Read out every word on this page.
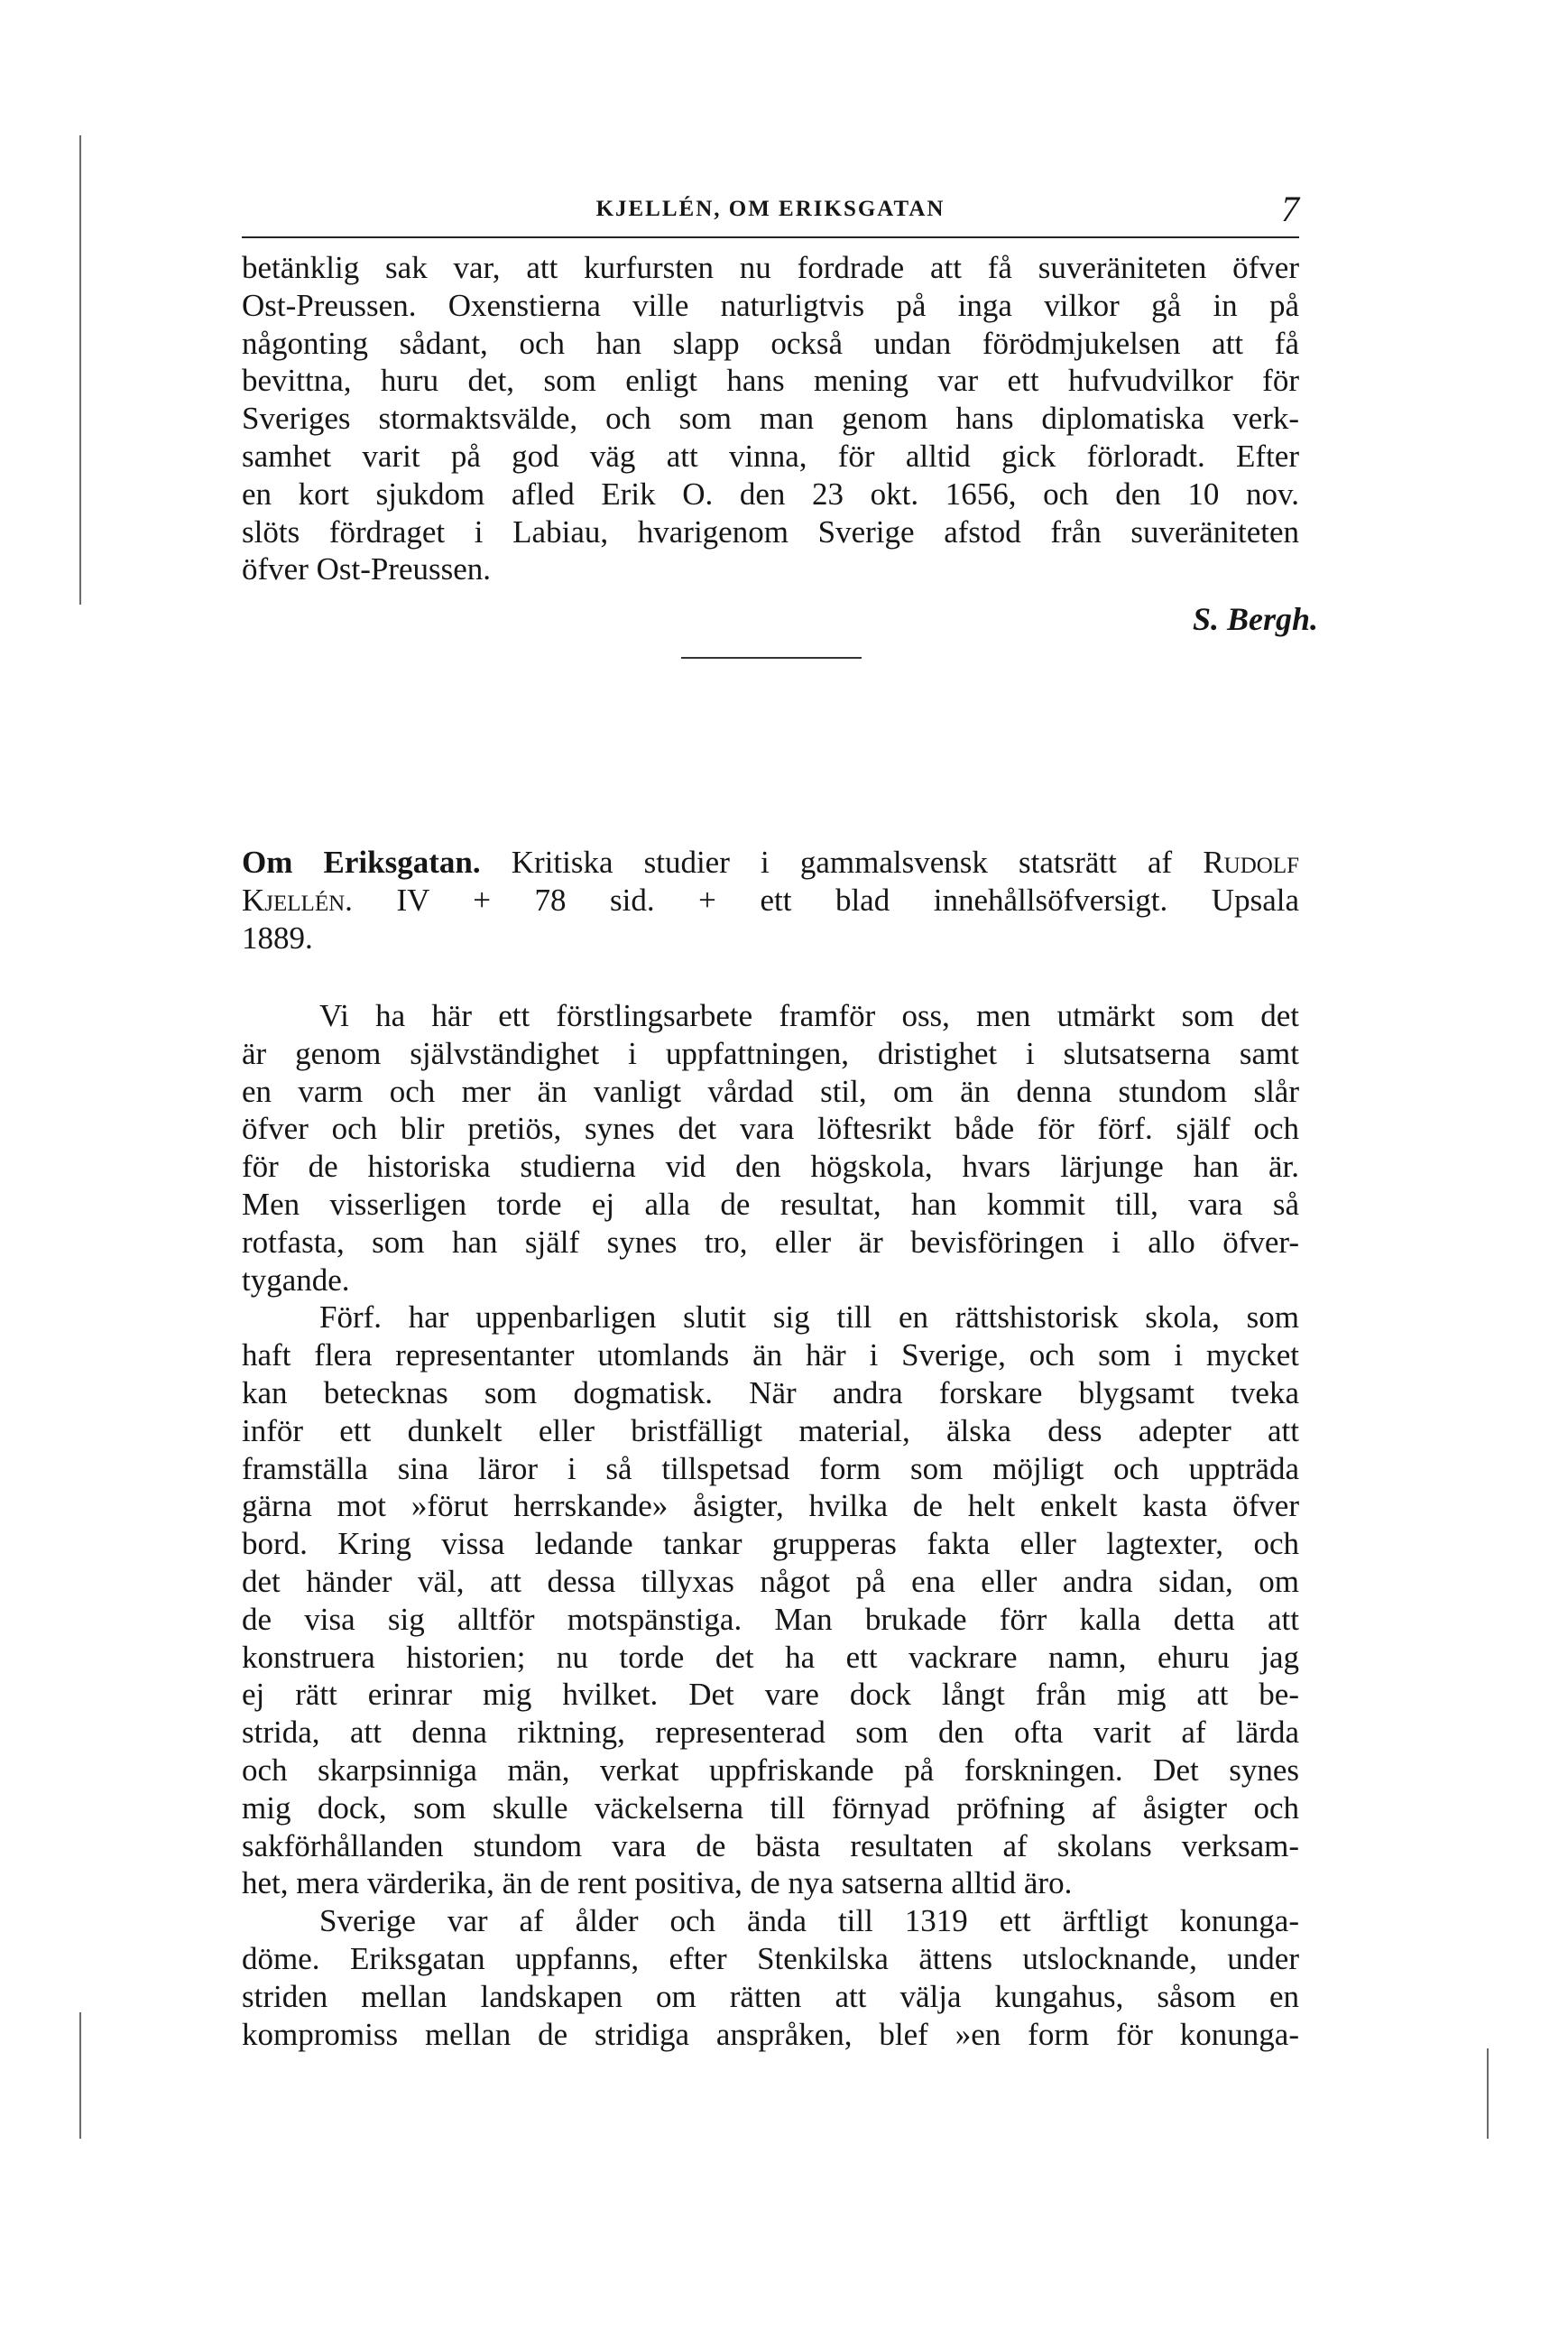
KJELLÉN, OM ERIKSGATAN	7
betänklig sak var, att kurfursten nu fordrade att få suveräniteten öfver
Ost-Preussen. Oxenstierna ville naturligtvis på inga vilkor gå in på
någonting sådant, och han slapp också undan förödmjukelsen att få
bevittna, huru det, som enligt hans mening var ett hufvudvilkor för
Sveriges stormaktsvälde, och som man genom hans diplomatiska verk-
samhet varit på god väg att vinna, för alltid gick förloradt. Efter
en kort sjukdom afled Erik O. den 23 okt. 1656, och den 10 nov.
slöts fördraget i Labiau, hvarigenom Sverige afstod från suveräniteten
öfver Ost-Preussen.
S. Bergh.
Om Eriksgatan. Kritiska studier i gammalsvensk statsrätt af Rudolf
Kjellén. IV + 78 sid. + ett blad innehållsöfversigt. Upsala
1889.
Vi ha här ett förstlingsarbete framför oss, men utmärkt som det
är genom självständighet i uppfattningen, dristighet i slutsatserna samt
en varm och mer än vanligt vårdad stil, om än denna stundom slår
öfver och blir pretiös, synes det vara löftesrikt både för förf. själf och
för de historiska studierna vid den högskola, hvars lärjunge han är.
Men visserligen torde ej alla de resultat, han kommit till, vara så
rotfasta, som han själf synes tro, eller är bevisföringen i allo öfver-
tygande.
Förf. har uppenbarligen slutit sig till en rättshistorisk skola, som
haft flera representanter utomlands än här i Sverige, och som i mycket
kan betecknas som dogmatisk. När andra forskare blygsamt tveka
inför ett dunkelt eller bristfälligt material, älska dess adepter att
framställa sina läror i så tillspetsad form som möjligt och uppträda
gärna mot »förut herrskande» åsigter, hvilka de helt enkelt kasta öfver
bord. Kring vissa ledande tankar grupperas fakta eller lagtexter, och
det händer väl, att dessa tillyxas något på ena eller andra sidan, om
de visa sig alltför motspänstiga. Man brukade förr kalla detta att
konstruera historien; nu torde det ha ett vackrare namn, ehuru jag
ej rätt erinrar mig hvilket. Det vare dock långt från mig att be-
strida, att denna riktning, representerad som den ofta varit af lärda
och skarpsinniga män, verkat uppfriskande på forskningen. Det synes
mig dock, som skulle väckelserna till förnyad pröfning af åsigter och
sakförhållanden stundom vara de bästa resultaten af skolans verksam-
het, mera värderika, än de rent positiva, de nya satserna alltid äro.
Sverige var af ålder och ända till 1319 ett ärftligt konunga-
döme. Eriksgatan uppfanns, efter Stenkilska ättens utslocknande, under
striden mellan landskapen om rätten att välja kungahus, såsom en
kompromiss mellan de stridiga anspråken, blef »en form för konunga-
